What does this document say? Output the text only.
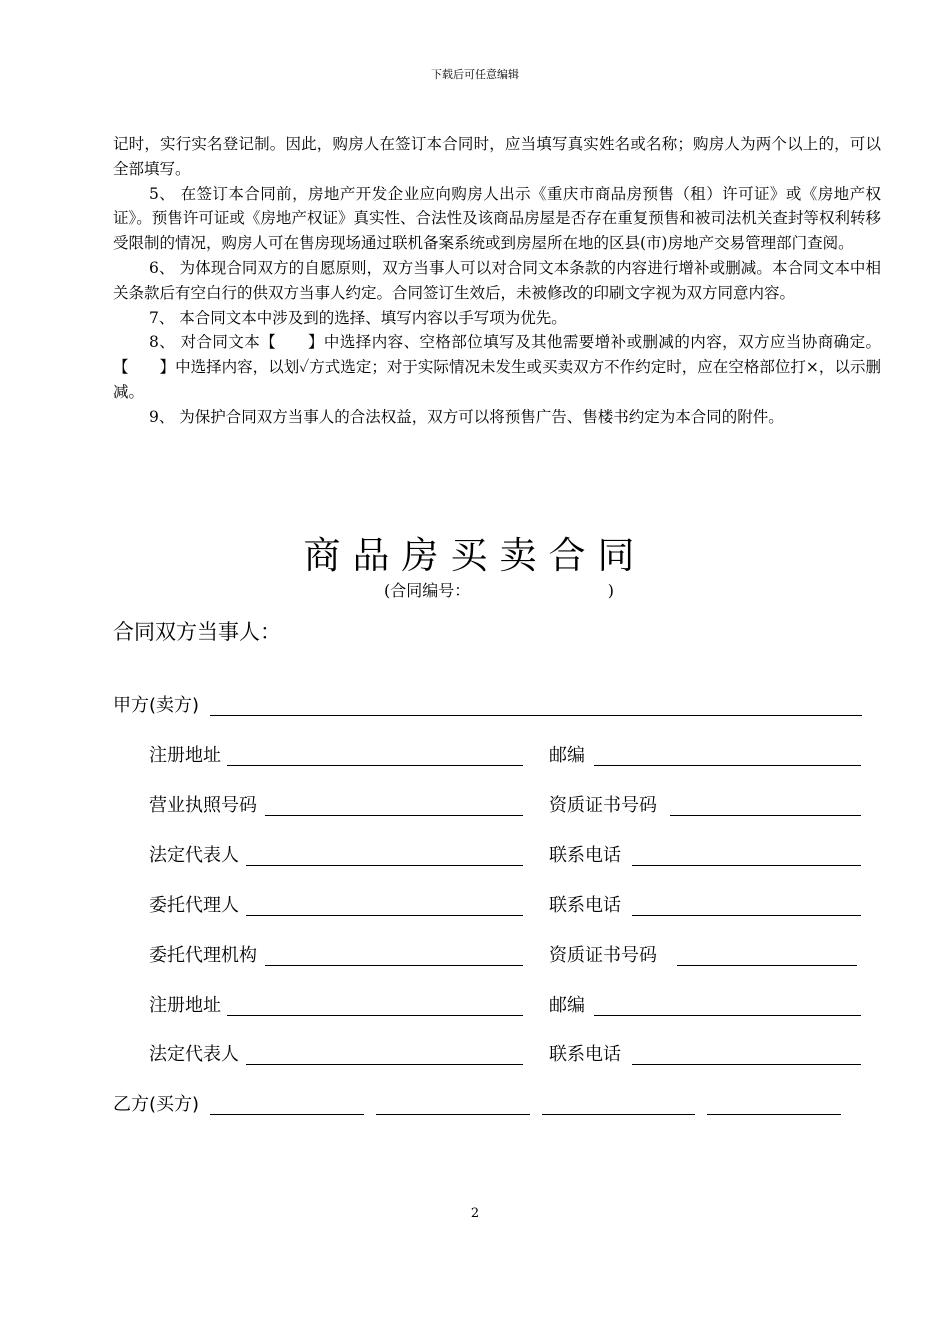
下载后可任意编辑

记时，实行实名登记制。因此，购房人在签订本合同时，应当填写真实姓名或名称；购房人为两个以上的，可以全部填写。

5、 在签订本合同前，房地产开发企业应向购房人出示《重庆市商品房预售（租）许可证》或《房地产权证》。预售许可证或《房地产权证》真实性、合法性及该商品房屋是否存在重复预售和被司法机关查封等权利转移受限制的情况，购房人可在售房现场通过联机备案系统或到房屋所在地的区县(市)房地产交易管理部门查阅。

6、 为体现合同双方的自愿原则，双方当事人可以对合同文本条款的内容进行增补或删减。本合同文本中相关条款后有空白行的供双方当事人约定。合同签订生效后，未被修改的印刷文字视为双方同意内容。

7、 本合同文本中涉及到的选择、填写内容以手写项为优先。

8、 对合同文本【　　】中选择内容、空格部位填写及其他需要增补或删减的内容，双方应当协商确定。【　　】中选择内容，以划✓方式选定；对于实际情况未发生或买卖双方不作约定时，应在空格部位打×，以示删减。

9、 为保护合同双方当事人的合法权益，双方可以将预售广告、售楼书约定为本合同的附件。

商品房买卖合同
(合同编号：	)
合同双方当事人：
甲方(卖方)
注册地址	邮编
营业执照号码	资质证书号码
法定代表人	联系电话
委托代理人	联系电话
委托代理机构	资质证书号码
注册地址	邮编
法定代表人	联系电话
乙方(买方)
2
